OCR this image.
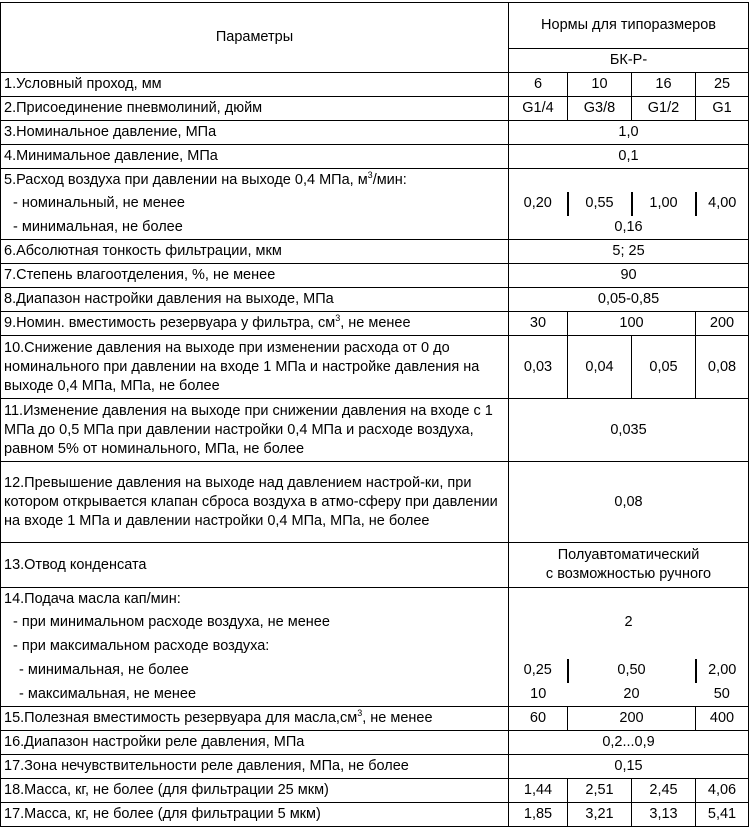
Параметры	Нормы для типоразмеров			
	БК-Р-			
1.Условный проход, мм	6	10	16	25
2.Присоединение пневмолиний, дюйм	G1/4	G3/8	G1/2	G1
3.Номинальное давление, МПа	1,0			
4.Минимальное давление, МПа	0,1			
5.Расход воздуха при давлении на выходе 0,4 МПа, $м^3$/мин:				
- номинальный, не менее	0,20	0,55	1,00	4,00
- минимальная, не более	0,16			
6.Абсолютная тонкость фильтрации, мкм	5; 25			
7.Степень влагоотделения, %, не менее	90			
8.Диапазон настройки давления на выходе, МПа	0,05-0,85			
9.Номин. вместимость резервуара у фильтра, $см^3$, не менее	30	100		200
10.Снижение давления на выходе при изменении расхода от 0 до номинального при давлении на входе 1 МПа и настройке давления на выходе 0,4 МПа, МПа, не более	0,03	0,04	0,05	0,08
11.Изменение давления на выходе при снижении давления на входе с 1 МПа до 0,5 МПа при давлении настройки 0,4 МПа и расходе воздуха, равном 5% от номинального, МПа, не более	0,035			
12.Превышение давления на выходе над давлением настрой-ки, при котором открывается клапан сброса воздуха в атмо-сферу при давлении на входе 1 МПа и давлении настройки 0,4 МПа, МПа, не более	0,08			
13.Отвод конденсата	Полуавтоматический
с возможностью ручного			

14.Подача масла кап/мин:				
- при минимальном расходе воздуха, не менее	2			
- при максимальном расходе воздуха:				
- минимальная, не более	0,25	0,50		2,00
- максимальная, не менее	10	20		50
15.Полезная вместимость резервуара для $масла,см^3$, не менее	60	200		400
16.Диапазон настройки реле давления, МПа	0,2...0,9			
17.Зона нечувствительности реле давления, МПа, не более	0,15			
18.Масса, кг, не более (для фильтрации 25 мкм)	1,44	2,51	2,45	4,06
17.Масса, кг, не более (для фильтрации 5 мкм)	1,85	3,21	3,13	5,41
